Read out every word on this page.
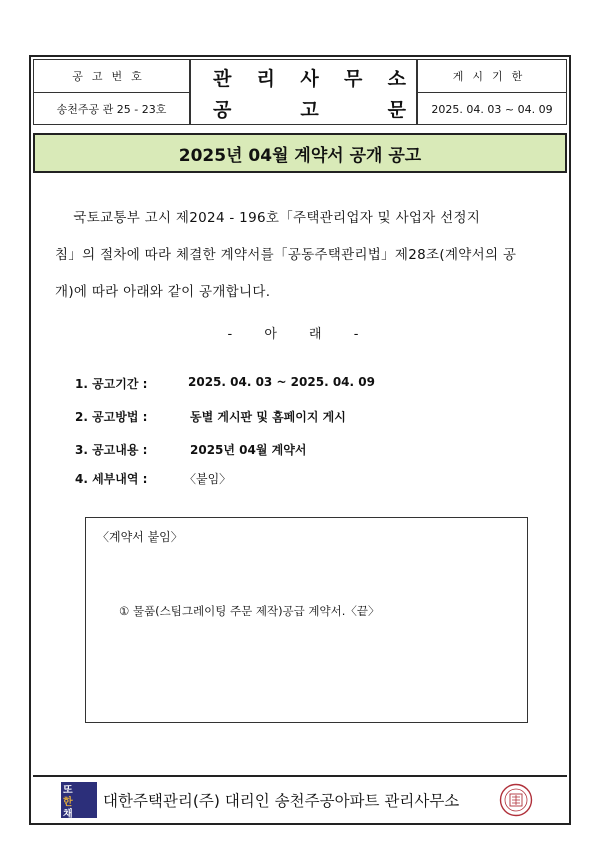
공고번호
송천주공 관 25 - 23호
관 리 사 무 소
공	고	문
게시기한
2025. 04. 03 ~ 04. 09
2025년 04월 계약서 공개 공고
국토교통부 고시 제2024 - 196호「주택관리업자 및 사업자 선정지
침」의 절차에 따라 체결한 계약서를「공동주택관리법」제28조(계약서의 공
개)에 따라 아래와 같이 공개합니다.
- 아 래 -
1. 공고기간 :	2025. 04. 03 ~ 2025. 04. 09
2. 공고방법 :	동별 게시판 및 홈페이지 게시
3. 공고내용 :	2025년 04월 계약서
4. 세부내역 :	〈붙임〉
〈계약서 붙임〉
① 물품(스팀그레이팅 주문 제작)공급 계약서.〈끝〉
또
한
채
대한주택관리(주) 대리인 송천주공아파트 관리사무소
